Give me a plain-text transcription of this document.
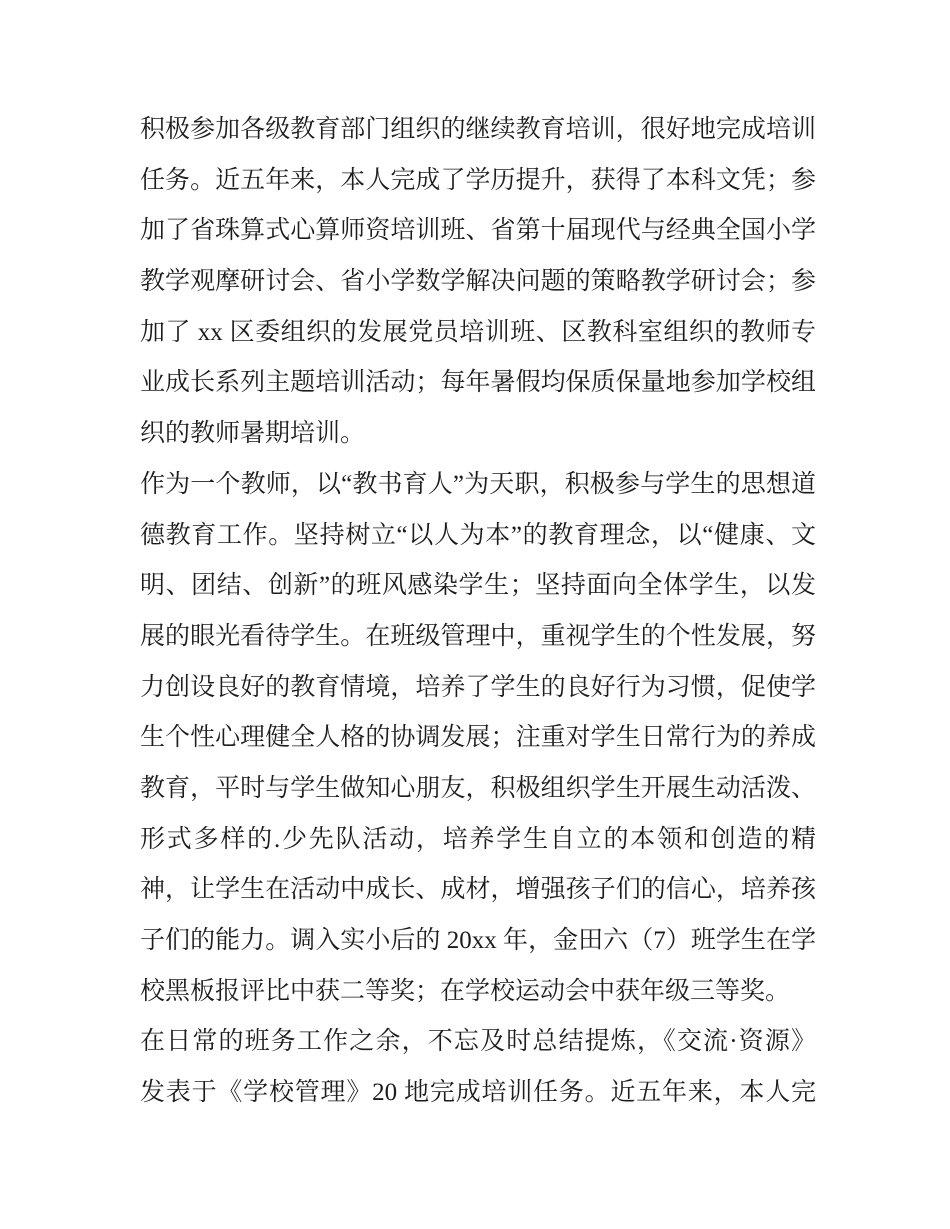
积极参加各级教育部门组织的继续教育培训，很好地完成培训
任务。近五年来，本人完成了学历提升，获得了本科文凭；参
加了省珠算式心算师资培训班、省第十届现代与经典全国小学
教学观摩研讨会、省小学数学解决问题的策略教学研讨会；参
加了 xx 区委组织的发展党员培训班、区教科室组织的教师专
业成长系列主题培训活动；每年暑假均保质保量地参加学校组
织的教师暑期培训。
作为一个教师，以“教书育人”为天职，积极参与学生的思想道
德教育工作。坚持树立“以人为本”的教育理念，以“健康、文
明、团结、创新”的班风感染学生；坚持面向全体学生，以发
展的眼光看待学生。在班级管理中，重视学生的个性发展，努
力创设良好的教育情境，培养了学生的良好行为习惯，促使学
生个性心理健全人格的协调发展；注重对学生日常行为的养成
教育，平时与学生做知心朋友，积极组织学生开展生动活泼、
形式多样的.少先队活动，培养学生自立的本领和创造的精
神，让学生在活动中成长、成材，增强孩子们的信心，培养孩
子们的能力。调入实小后的 20xx 年，金田六（7）班学生在学
校黑板报评比中获二等奖；在学校运动会中获年级三等奖。
在日常的班务工作之余，不忘及时总结提炼，《交流·资源》
发表于《学校管理》20 地完成培训任务。近五年来，本人完
